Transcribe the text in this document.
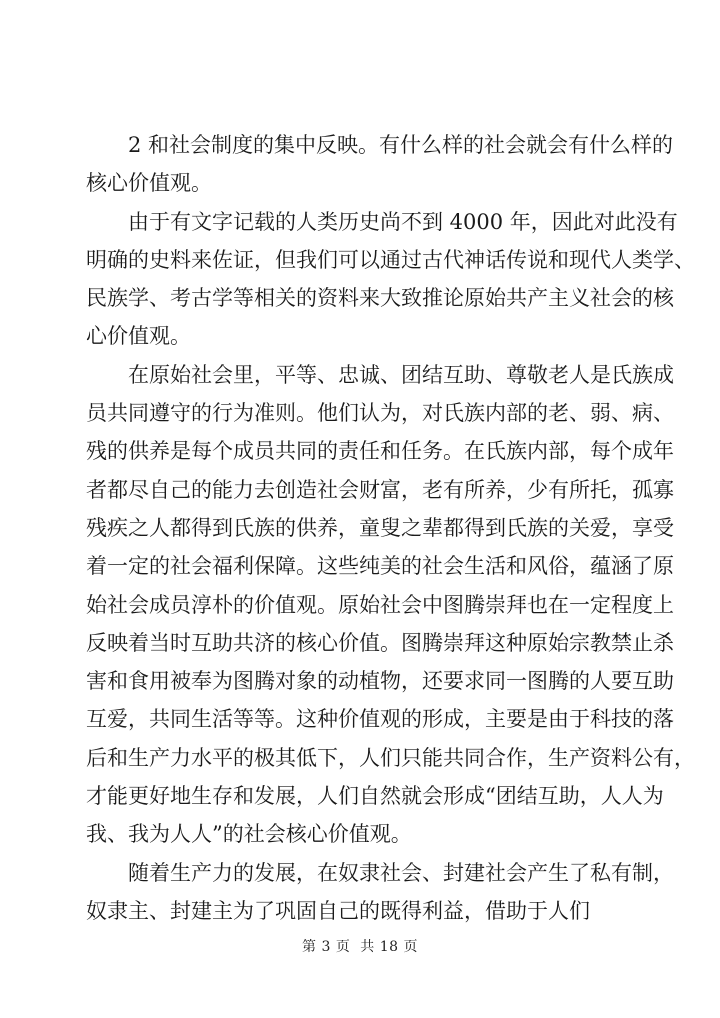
2 和社会制度的集中反映。有什么样的社会就会有什么样的
核心价值观。
由于有文字记载的人类历史尚不到 4000 年，因此对此没有
明确的史料来佐证，但我们可以通过古代神话传说和现代人类学、
民族学、考古学等相关的资料来大致推论原始共产主义社会的核
心价值观。
在原始社会里，平等、忠诚、团结互助、尊敬老人是氏族成
员共同遵守的行为准则。他们认为，对氏族内部的老、弱、病、
残的供养是每个成员共同的责任和任务。在氏族内部，每个成年
者都尽自己的能力去创造社会财富，老有所养，少有所托，孤寡
残疾之人都得到氏族的供养，童叟之辈都得到氏族的关爱，享受
着一定的社会福利保障。这些纯美的社会生活和风俗，蕴涵了原
始社会成员淳朴的价值观。原始社会中图腾崇拜也在一定程度上
反映着当时互助共济的核心价值。图腾崇拜这种原始宗教禁止杀
害和食用被奉为图腾对象的动植物，还要求同一图腾的人要互助
互爱，共同生活等等。这种价值观的形成，主要是由于科技的落
后和生产力水平的极其低下，人们只能共同合作，生产资料公有，
才能更好地生存和发展，人们自然就会形成“团结互助，人人为
我、我为人人”的社会核心价值观。
随着生产力的发展，在奴隶社会、封建社会产生了私有制，
奴隶主、封建主为了巩固自己的既得利益，借助于人们
第 3 页  共 18 页
